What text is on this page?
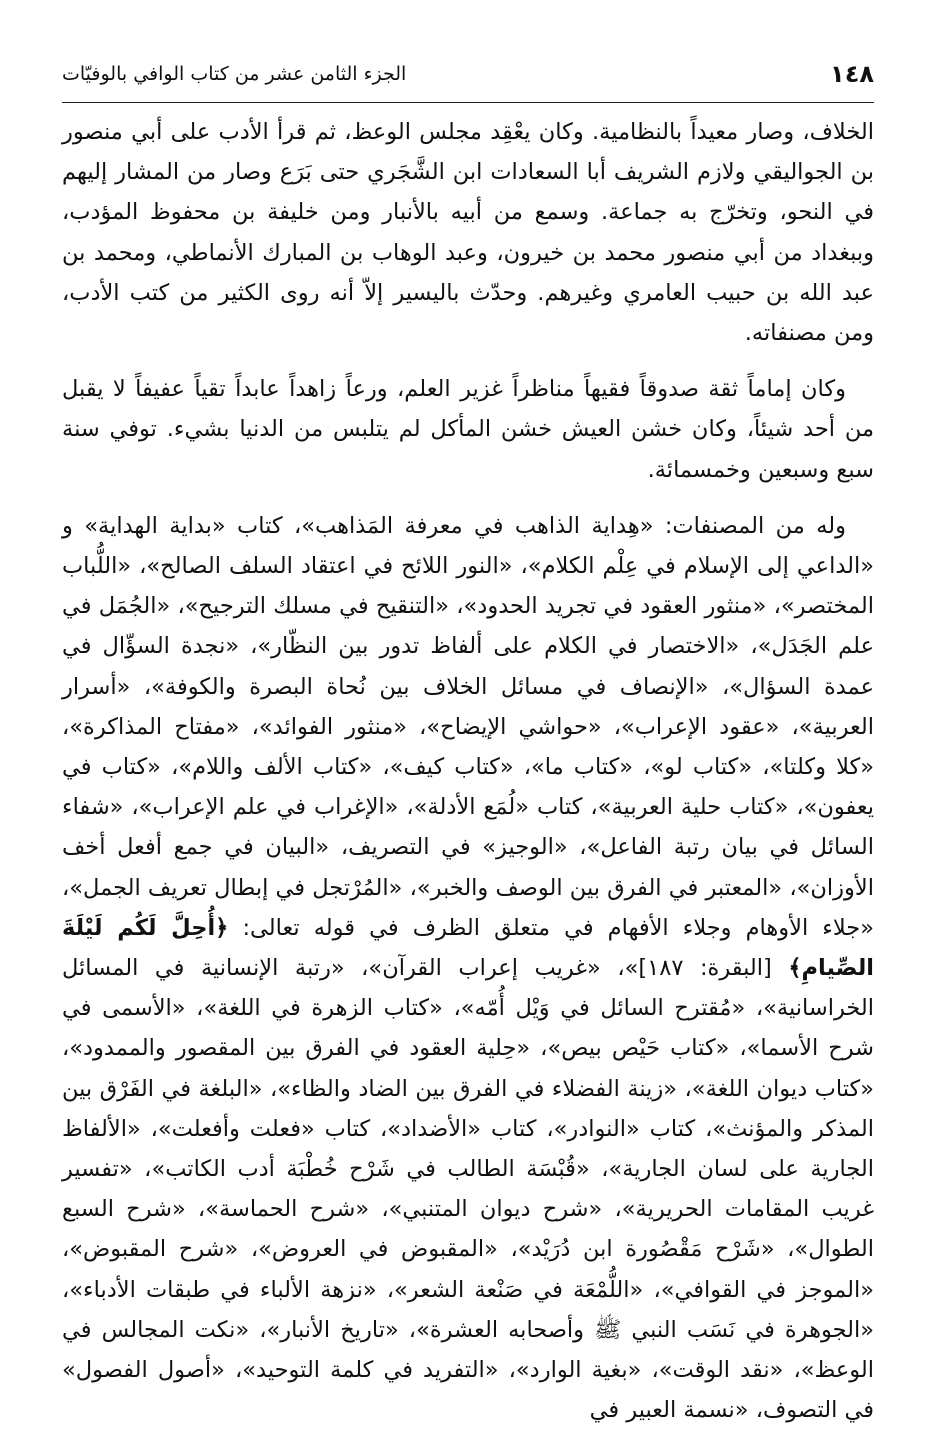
١٤٨
الجزء الثامن عشر من كتاب الوافي بالوفيّات

الخلاف، وصار معيداً بالنظامية. وكان يعْقِد مجلس الوعظ، ثم قرأ الأدب على أبي منصور بن الجواليقي ولازم الشريف أبا السعادات ابن الشَّجَري حتى بَرَع وصار من المشار إليهم في النحو، وتخرّج به جماعة. وسمع من أبيه بالأنبار ومن خليفة بن محفوظ المؤدب، وببغداد من أبي منصور محمد بن خيرون، وعبد الوهاب بن المبارك الأنماطي، ومحمد بن عبد الله بن حبيب العامري وغيرهم. وحدّث باليسير إلاّ أنه روى الكثير من كتب الأدب، ومن مصنفاته.

وكان إماماً ثقة صدوقاً فقيهاً مناظراً غزير العلم، ورعاً زاهداً عابداً تقياً عفيفاً لا يقبل من أحد شيئاً، وكان خشن العيش خشن المأكل لم يتلبس من الدنيا بشيء. توفي سنة سبع وسبعين وخمسمائة.

وله من المصنفات: «هِداية الذاهب في معرفة المَذاهب»، كتاب «بداية الهداية» و «الداعي إلى الإسلام في عِلْم الكلام»، «النور اللائح في اعتقاد السلف الصالح»، «اللُّباب المختصر»، «منثور العقود في تجريد الحدود»، «التنقيح في مسلك الترجيح»، «الجُمَل في علم الجَدَل»، «الاختصار في الكلام على ألفاظ تدور بين النظّار»، «نجدة السؤّال في عمدة السؤال»، «الإنصاف في مسائل الخلاف بين نُحاة البصرة والكوفة»، «أسرار العربية»، «عقود الإعراب»، «حواشي الإيضاح»، «منثور الفوائد»، «مفتاح المذاكرة»، «كلا وكلتا»، «كتاب لو»، «كتاب ما»، «كتاب كيف»، «كتاب الألف واللام»، «كتاب في يعفون»، «كتاب حلية العربية»، كتاب «لُمَع الأدلة»، «الإغراب في علم الإعراب»، «شفاء السائل في بيان رتبة الفاعل»، «الوجيز» في التصريف، «البيان في جمع أفعل أخف الأوزان»، «المعتبر في الفرق بين الوصف والخبر»، «المُرْتجل في إبطال تعريف الجمل»، «جلاء الأوهام وجلاء الأفهام في متعلق الظرف في قوله تعالى: ﴿أُحِلَّ لَكُم لَيْلَةَ الصِّيامِ﴾ [البقرة: ١٨٧]»، «غريب إعراب القرآن»، «رتبة الإنسانية في المسائل الخراسانية»، «مُقترح السائل في وَيْل أُمّه»، «كتاب الزهرة في اللغة»، «الأسمى في شرح الأسما»، «كتاب حَيْص بيص»، «حِلية العقود في الفرق بين المقصور والممدود»، «كتاب ديوان اللغة»، «زينة الفضلاء في الفرق بين الضاد والظاء»، «البلغة في الفَرْق بين المذكر والمؤنث»، كتاب «النوادر»، كتاب «الأضداد»، كتاب «فعلت وأفعلت»، «الألفاظ الجارية على لسان الجارية»، «قُبْسَة الطالب في شَرْح خُطْبَة أدب الكاتب»، «تفسير غريب المقامات الحريرية»، «شرح ديوان المتنبي»، «شرح الحماسة»، «شرح السبع الطوال»، «شَرْح مَقْصُورة ابن دُرَيْد»، «المقبوض في العروض»، «شرح المقبوض»، «الموجز في القوافي»، «اللُّمْعَة في صَنْعة الشعر»، «نزهة الألباء في طبقات الأدباء»، «الجوهرة في نَسَب النبي ﷺ وأصحابه العشرة»، «تاريخ الأنبار»، «نكت المجالس في الوعظ»، «نقد الوقت»، «بغية الوارد»، «التفريد في كلمة التوحيد»، «أصول الفصول» في التصوف، «نسمة العبير في
